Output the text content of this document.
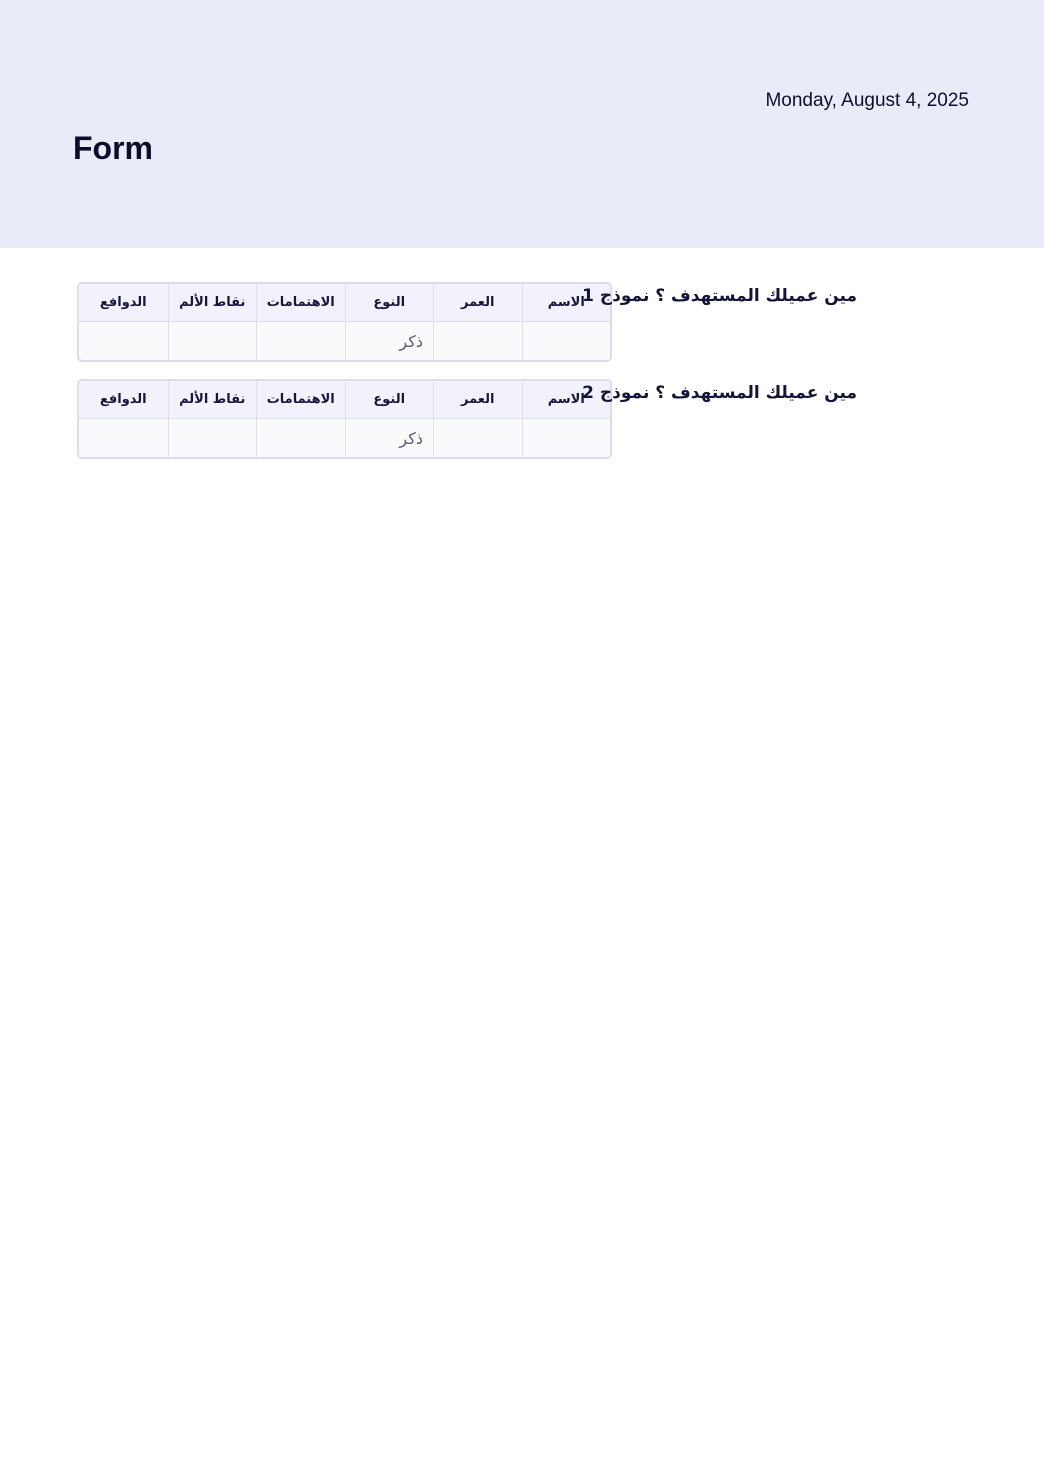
Form
Monday, August 4, 2025
الاسم	العمر	النوع	الاهتمامات	نقاط الألم	الدوافع
		ذكر			
مين عميلك المستهدف ؟ نموذج 1
الاسم	العمر	النوع	الاهتمامات	نقاط الألم	الدوافع
		ذكر			
مين عميلك المستهدف ؟ نموذج 2
